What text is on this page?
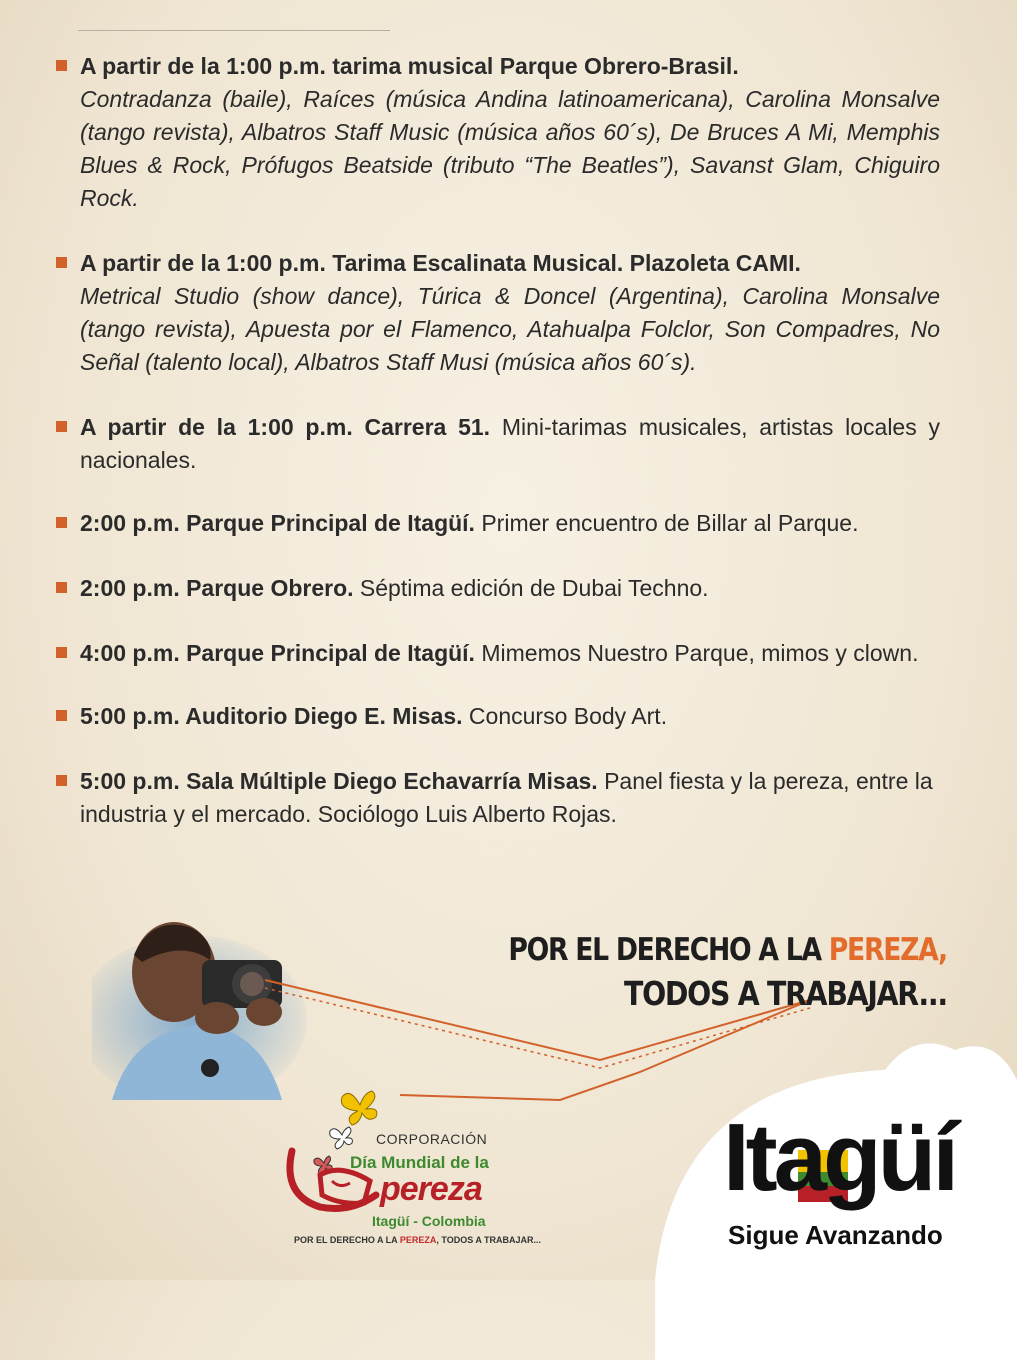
A partir de la 1:00 p.m. tarima musical Parque Obrero-Brasil.
Contradanza (baile), Raíces (música Andina latinoamericana), Carolina Monsalve (tango revista), Albatros Staff Music (música años 60´s), De Bruces A Mi, Memphis Blues & Rock, Prófugos Beatside (tributo “The Beatles”), Savanst Glam, Chiguiro Rock.
A partir de la 1:00 p.m. Tarima Escalinata Musical. Plazoleta CAMI.
Metrical Studio (show dance), Túrica & Doncel (Argentina), Carolina Monsalve (tango revista), Apuesta por el Flamenco, Atahualpa Folclor, Son Compadres, No Señal (talento local), Albatros Staff Musi (música años 60´s).
A partir de la 1:00 p.m. Carrera 51. Mini-tarimas musicales, artistas locales y nacionales.
2:00 p.m. Parque Principal de Itagüí. Primer encuentro de Billar al Parque.
2:00 p.m. Parque Obrero. Séptima edición de Dubai Techno.
4:00 p.m. Parque Principal de Itagüí. Mimemos Nuestro Parque, mimos y clown.
5:00 p.m. Auditorio Diego E. Misas. Concurso Body Art.
5:00 p.m. Sala Múltiple Diego Echavarría Misas. Panel fiesta y la pereza, entre la industria y el mercado. Sociólogo Luis Alberto Rojas.
POR EL DERECHO A LA PEREZA,
TODOS A TRABAJAR...
CORPORACIÓN
Día Mundial de la
pereza
Itagüí - Colombia
POR EL DERECHO A LA PEREZA, TODOS A TRABAJAR...
Itagüí
Sigue Avanzando
